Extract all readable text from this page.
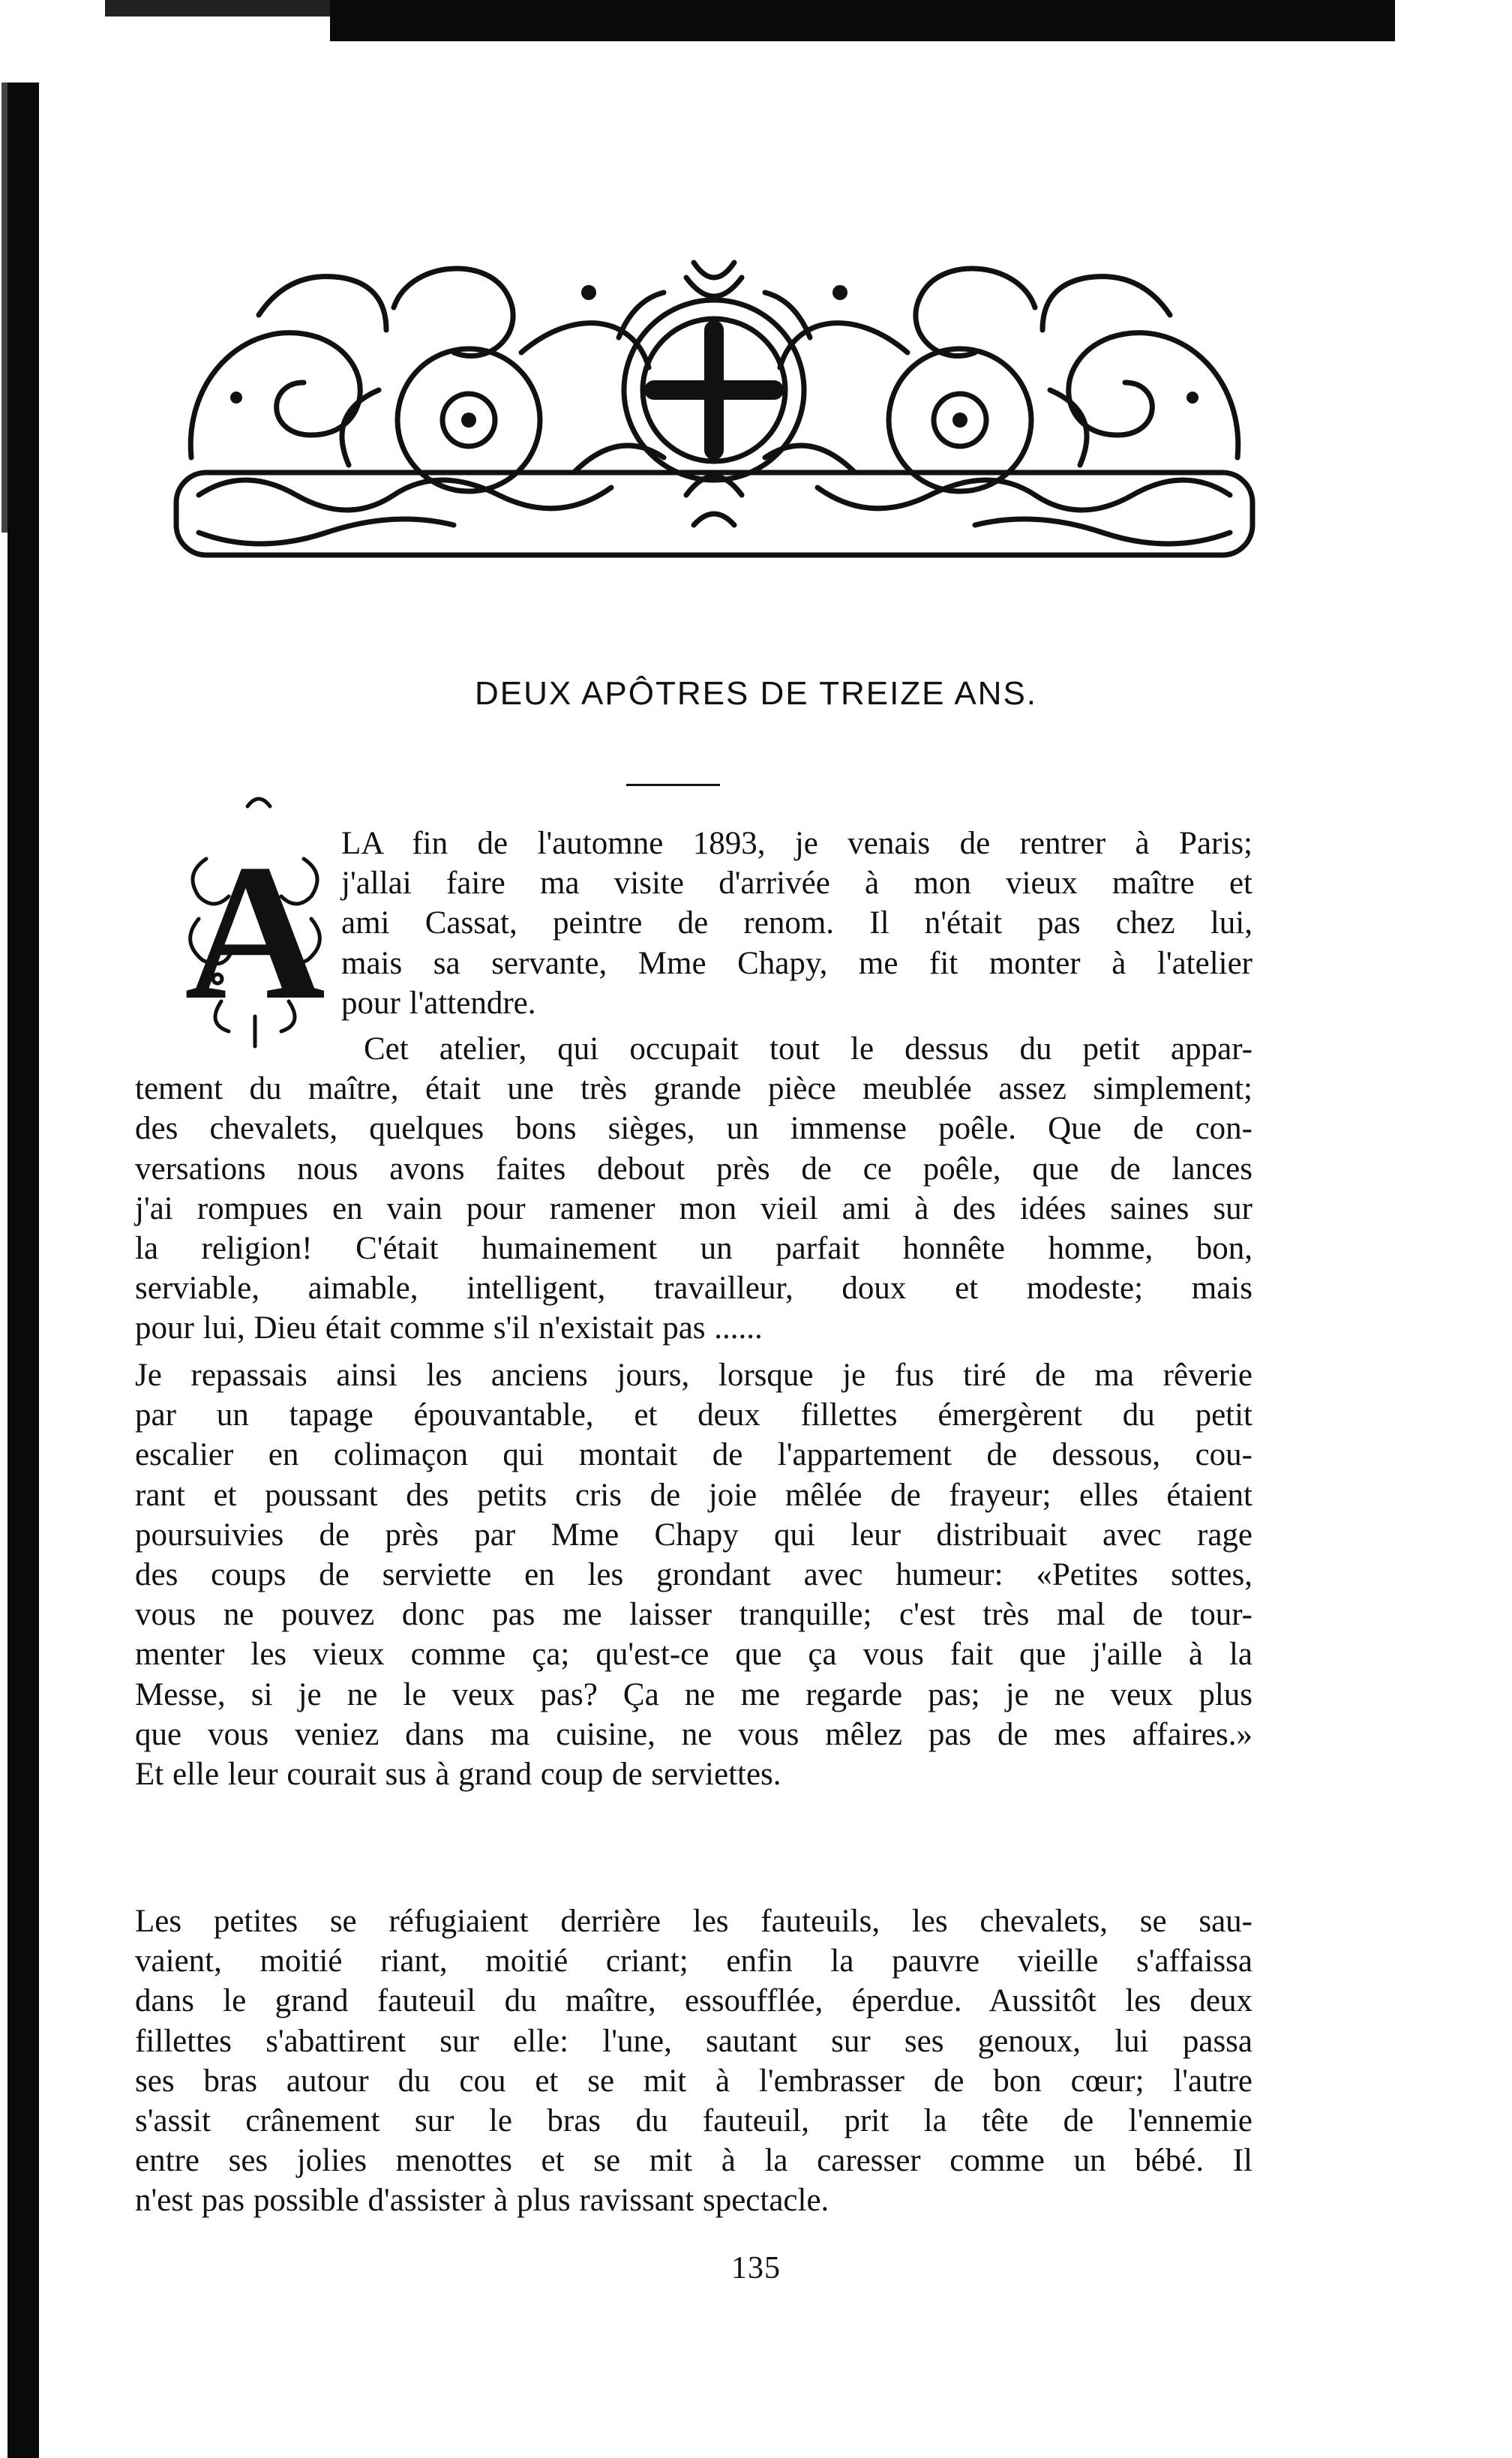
DEUX APÔTRES DE TREIZE ANS.
A LA fin de l'automne 1893, je venais de rentrer à Paris;
j'allai faire ma visite d'arrivée à mon vieux maître et
ami Cassat, peintre de renom. Il n'était pas chez lui,
mais sa servante, Mme Chapy, me fit monter à l'atelier
pour l'attendre.

Cet atelier, qui occupait tout le dessus du petit appar-
tement du maître, était une très grande pièce meublée assez simplement;
des chevalets, quelques bons sièges, un immense poêle. Que de con-
versations nous avons faites debout près de ce poêle, que de lances
j'ai rompues en vain pour ramener mon vieil ami à des idées saines sur
la religion! C'était humainement un parfait honnête homme, bon,
serviable, aimable, intelligent, travailleur, doux et modeste; mais
pour lui, Dieu était comme s'il n'existait pas ......

Je repassais ainsi les anciens jours, lorsque je fus tiré de ma rêverie
par un tapage épouvantable, et deux fillettes émergèrent du petit
escalier en colimaçon qui montait de l'appartement de dessous, cou-
rant et poussant des petits cris de joie mêlée de frayeur; elles étaient
poursuivies de près par Mme Chapy qui leur distribuait avec rage
des coups de serviette en les grondant avec humeur: «Petites sottes,
vous ne pouvez donc pas me laisser tranquille; c'est très mal de tour-
menter les vieux comme ça; qu'est-ce que ça vous fait que j'aille à la
Messe, si je ne le veux pas? Ça ne me regarde pas; je ne veux plus
que vous veniez dans ma cuisine, ne vous mêlez pas de mes affaires.»
Et elle leur courait sus à grand coup de serviettes.

Les petites se réfugiaient derrière les fauteuils, les chevalets, se sau-
vaient, moitié riant, moitié criant; enfin la pauvre vieille s'affaissa
dans le grand fauteuil du maître, essoufflée, éperdue. Aussitôt les deux
fillettes s'abattirent sur elle: l'une, sautant sur ses genoux, lui passa
ses bras autour du cou et se mit à l'embrasser de bon cœur; l'autre
s'assit crânement sur le bras du fauteuil, prit la tête de l'ennemie
entre ses jolies menottes et se mit à la caresser comme un bébé. Il
n'est pas possible d'assister à plus ravissant spectacle.

135
